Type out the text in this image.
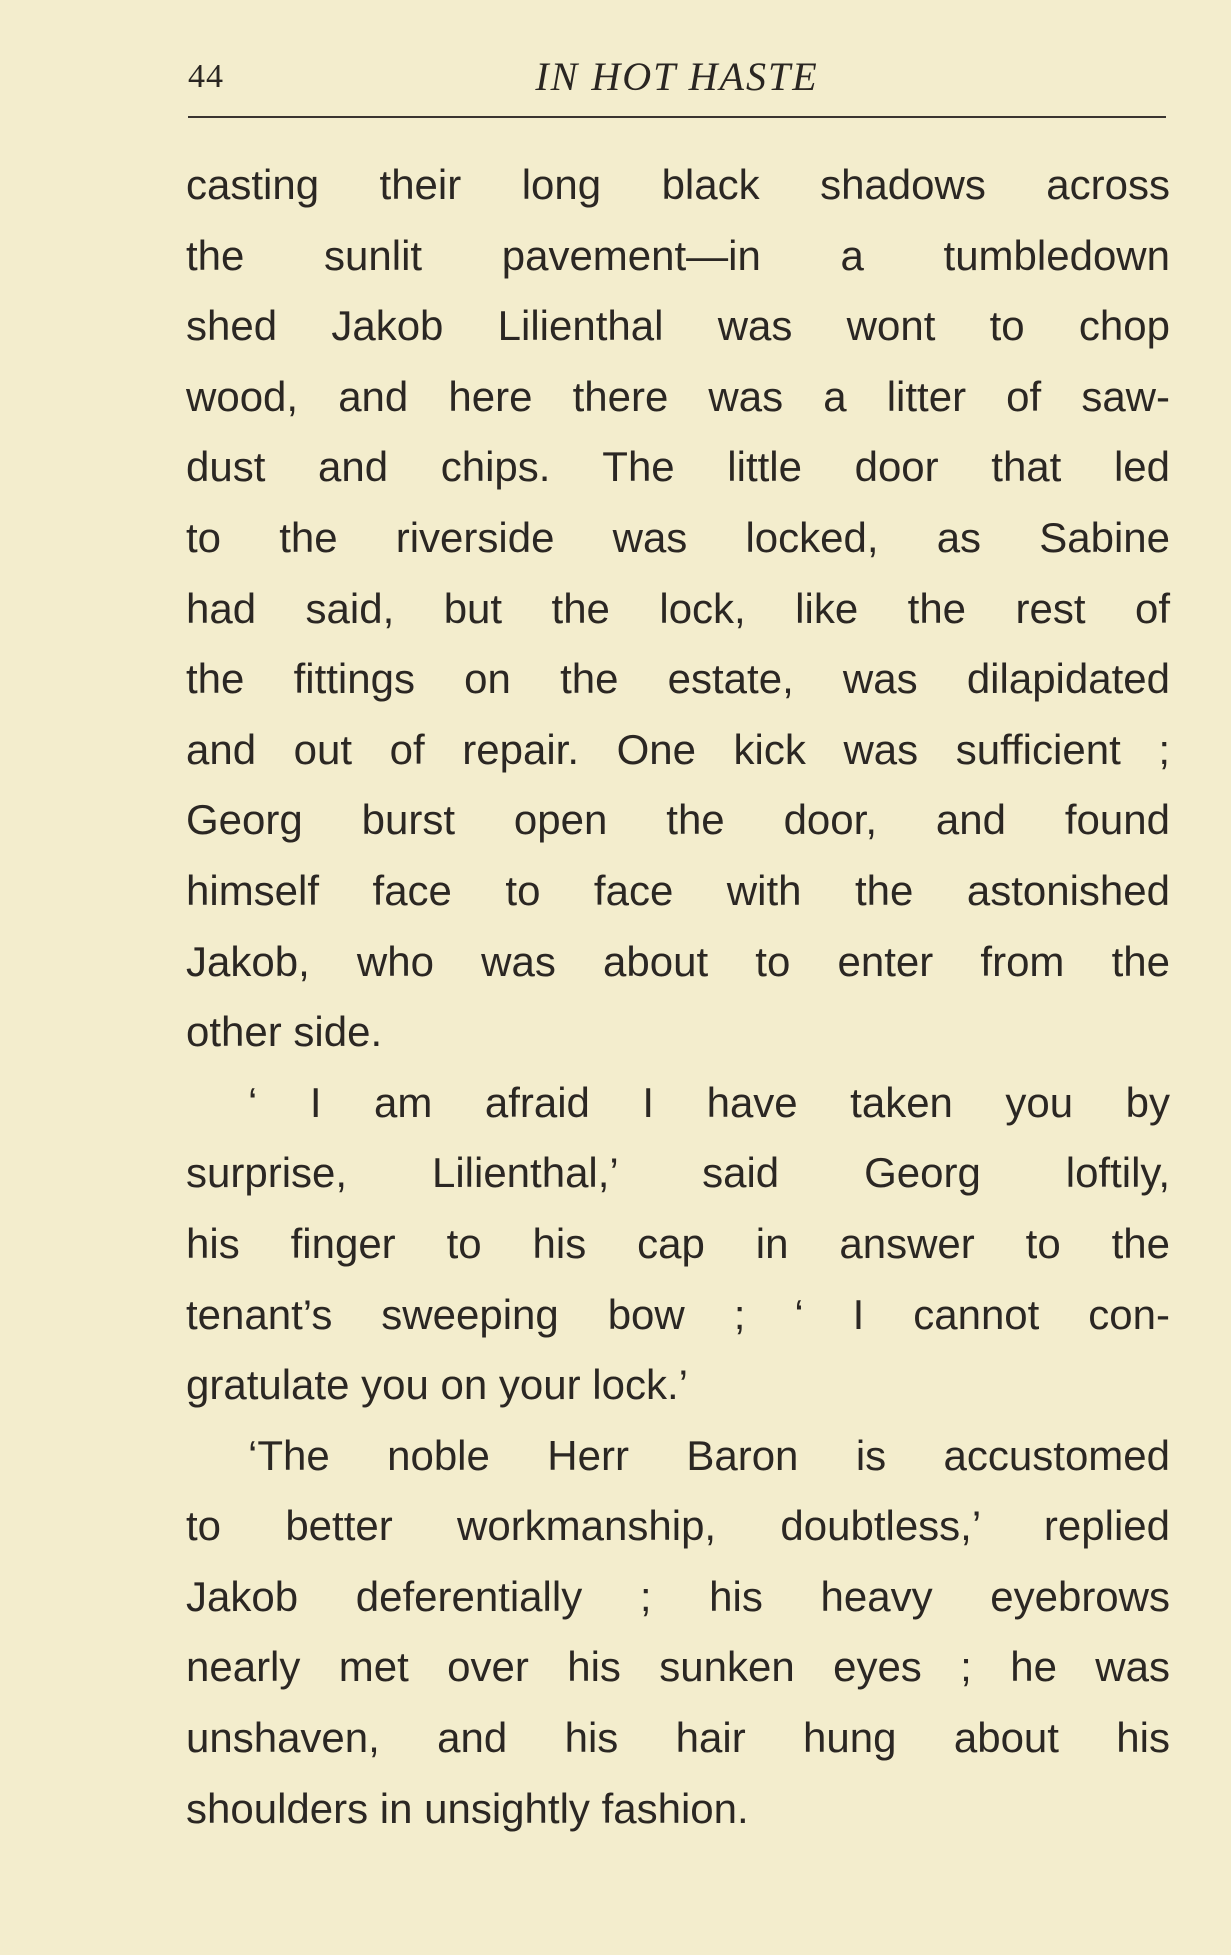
44	IN HOT HASTE
casting their long black shadows across
the sunlit pavement—in a tumbledown
shed Jakob Lilienthal was wont to chop
wood, and here there was a litter of saw-
dust and chips. The little door that led
to the riverside was locked, as Sabine
had said, but the lock, like the rest of
the fittings on the estate, was dilapidated
and out of repair. One kick was sufficient ;
Georg burst open the door, and found
himself face to face with the astonished
Jakob, who was about to enter from the
other side.
‘ I am afraid I have taken you by
surprise, Lilienthal,’ said Georg loftily,
his finger to his cap in answer to the
tenant’s sweeping bow ; ‘ I cannot con-
gratulate you on your lock.’
‘The noble Herr Baron is accustomed
to better workmanship, doubtless,’ replied
Jakob deferentially ; his heavy eyebrows
nearly met over his sunken eyes ; he was
unshaven, and his hair hung about his
shoulders in unsightly fashion.
